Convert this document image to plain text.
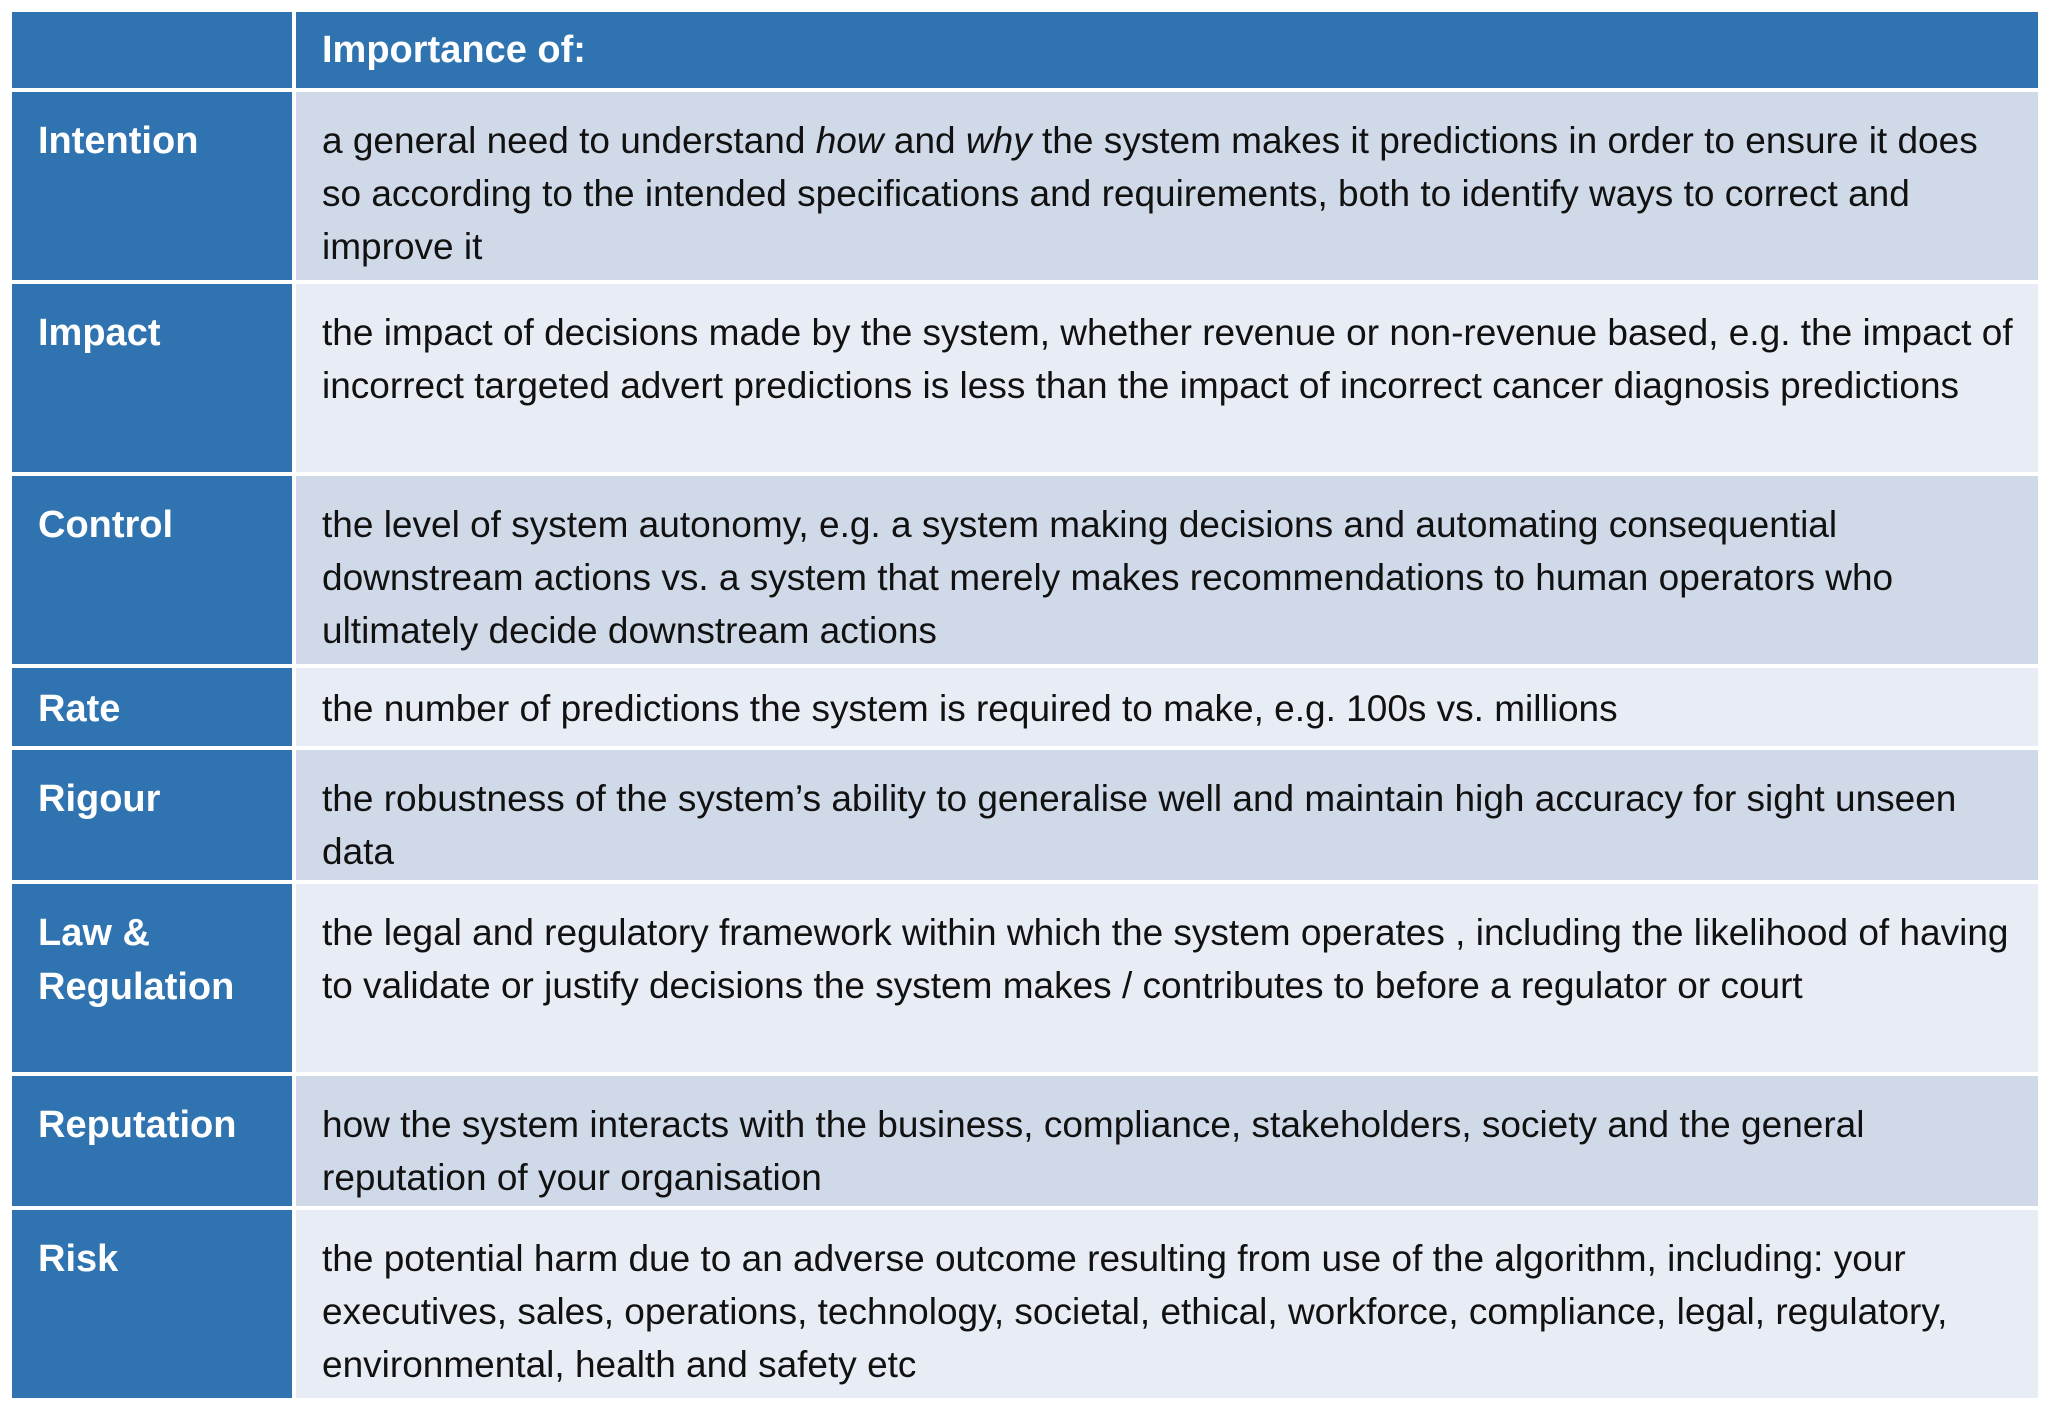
	Importance of:
Intention	a general need to understand how and why the system makes it predictions in order to ensure it does so according to the intended specifications and requirements, both to identify ways to correct and improve it
Impact	the impact of decisions made by the system, whether revenue or non-revenue based, e.g. the impact of incorrect targeted advert predictions is less than the impact of incorrect cancer diagnosis predictions
Control	the level of system autonomy, e.g. a system making decisions and automating consequential downstream actions vs. a system that merely makes recommendations to human operators who ultimately decide downstream actions
Rate	the number of predictions the system is required to make, e.g. 100s vs. millions
Rigour	the robustness of the system’s ability to generalise well and maintain high accuracy for sight unseen data
Law & Regulation	the legal and regulatory framework within which the system operates , including the likelihood of having to validate or justify decisions the system makes / contributes to before a regulator or court
Reputation	how the system interacts with the business, compliance, stakeholders, society and the general reputation of your organisation
Risk	the potential harm due to an adverse outcome resulting from use of the algorithm, including: your executives, sales, operations, technology, societal, ethical, workforce, compliance, legal, regulatory, environmental, health and safety etc
